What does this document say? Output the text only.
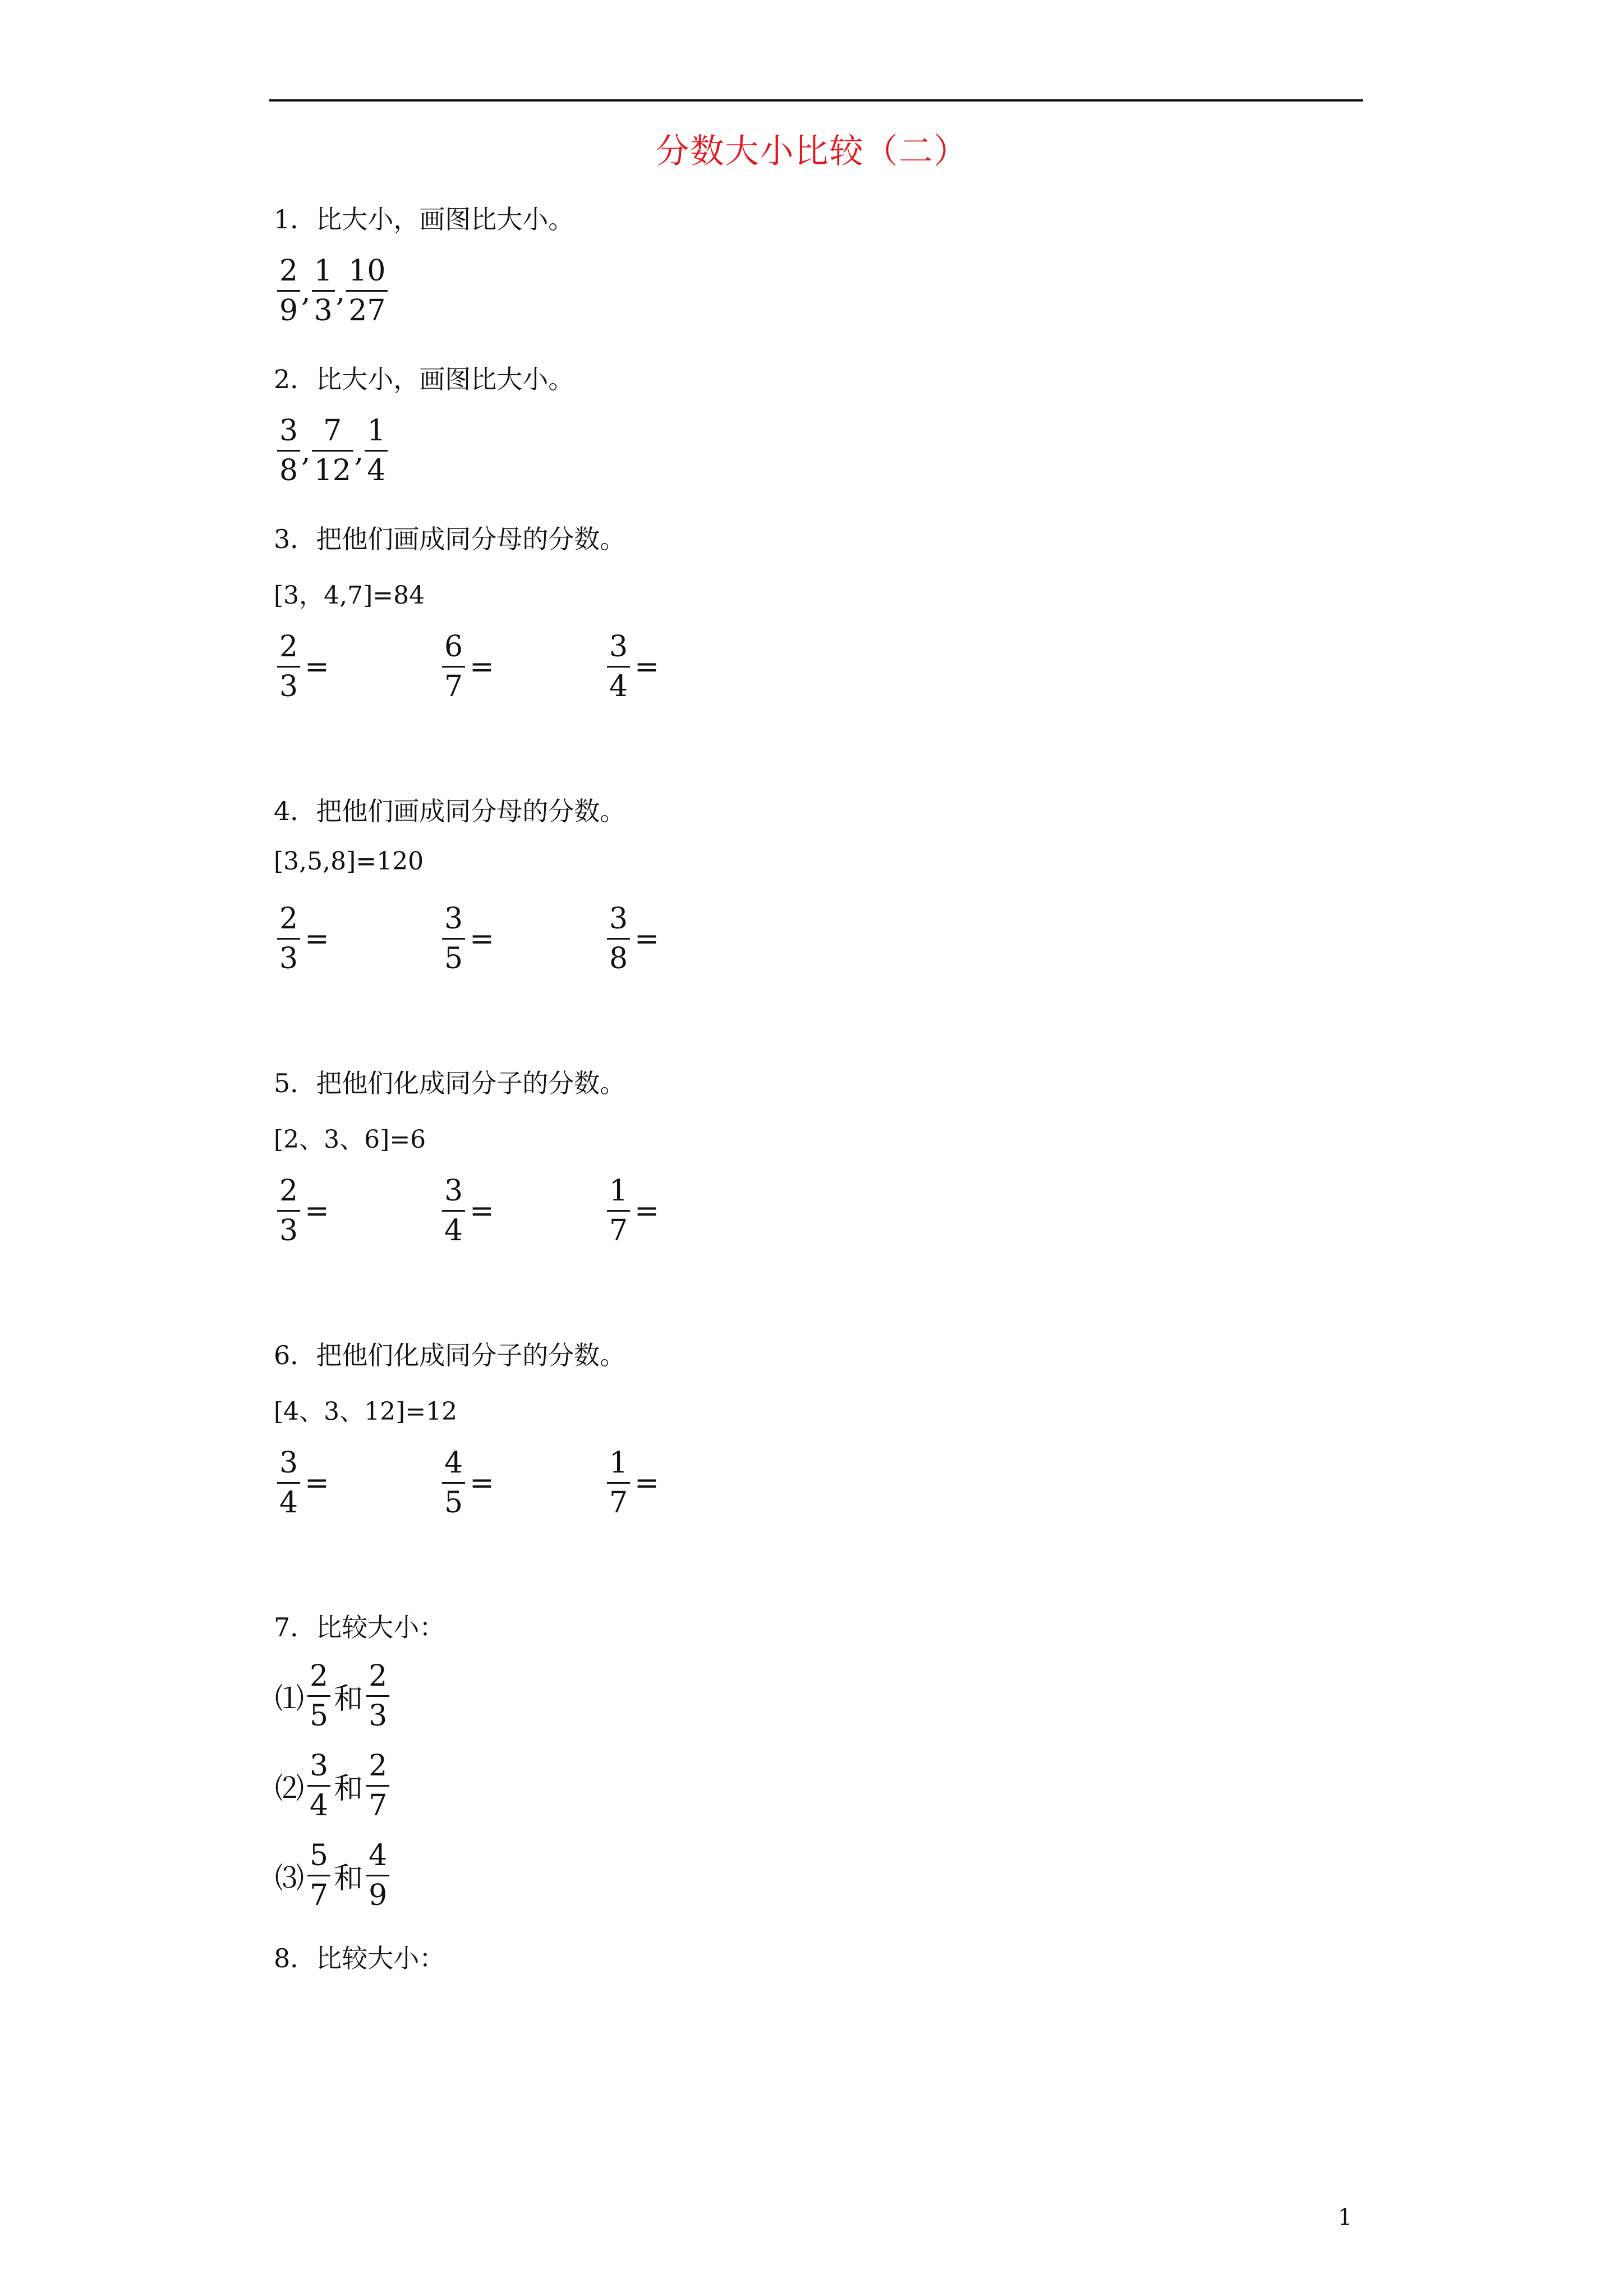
分数大小比较（二）
1．比大小，画图比大小。
$\frac{2}{9}$ , $\frac{1}{3}$ , $\frac{10}{27}$
2．比大小，画图比大小。
$\frac{3}{8}$ , $\frac{7}{12}$ , $\frac{1}{4}$
3．把他们画成同分母的分数。
[3，4,7]=84
$\frac{2}{3}$ =	$\frac{6}{7}$ =	$\frac{3}{4}$ =
4．把他们画成同分母的分数。
[3,5,8]=120
$\frac{2}{3}$ =	$\frac{3}{5}$ =	$\frac{3}{8}$ =
5．把他们化成同分子的分数。
[2、3、6]=6
$\frac{2}{3}$ =	$\frac{3}{4}$ =	$\frac{1}{7}$ =
6．把他们化成同分子的分数。
[4、3、12]=12
$\frac{3}{4}$ =	$\frac{4}{5}$ =	$\frac{1}{7}$ =
7．比较大小：
⑴ $\frac{2}{5}$ 和 $\frac{2}{3}$
⑵ $\frac{3}{4}$ 和 $\frac{2}{7}$
⑶ $\frac{5}{7}$ 和 $\frac{4}{9}$
8．比较大小：
1
